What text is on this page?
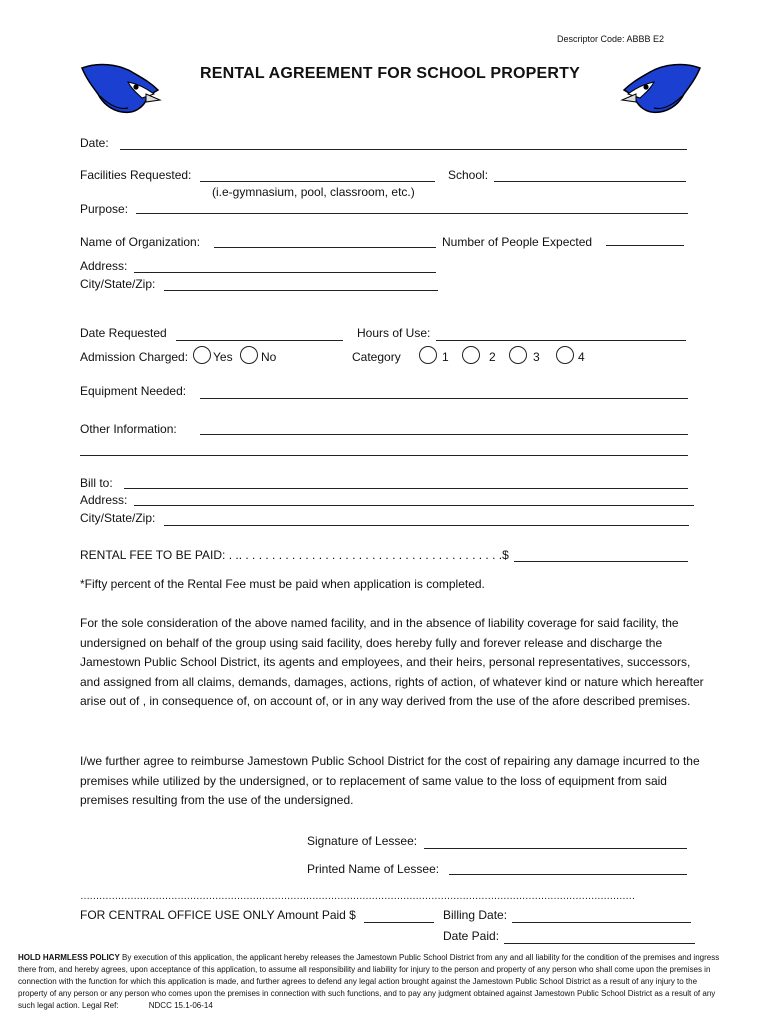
Descriptor Code: ABBB E2
RENTAL AGREEMENT FOR SCHOOL PROPERTY
Date:
Facilities Requested:
(i.e-gymnasium, pool, classroom, etc.)
School:
Purpose:
Name of Organization:	Number of People Expected
Address:
City/State/Zip:
Date Requested	Hours of Use:
Admission Charged: Yes No	Category	1	2	3	4
Equipment Needed:
Other Information:
Bill to:
Address:
City/State/Zip:
RENTAL FEE TO BE PAID: . .. . . . . . . . . . . . . . . . . . . . . . . . . . . . . . . . . . . . . . . .$
*Fifty percent of the Rental Fee must be paid when application is completed.
For the sole consideration of the above named facility, and in the absence of liability coverage for said facility, the undersigned on behalf of the group using said facility, does hereby fully and forever release and discharge the Jamestown Public School District, its agents and employees, and their heirs, personal representatives, successors, and assigned from all claims, demands, damages, actions, rights of action, of whatever kind or nature which hereafter arise out of , in consequence of, on account of, or in any way derived from the use of the afore described premises.
I/we further agree to reimburse Jamestown Public School District for the cost of repairing any damage incurred to the premises while utilized by the undersigned, or to replacement of same value to the loss of equipment from said premises resulting from the use of the undersigned.
Signature of Lessee:
Printed Name of Lessee:
……………………………………………………………………………………………………………………………………………………………
FOR CENTRAL OFFICE USE ONLY Amount Paid $	Billing Date:
Date Paid:
HOLD HARMLESS POLICY By execution of this application, the applicant hereby releases the Jamestown Public School District from any and all liability for the condition of the premises and ingress there from, and hereby agrees, upon acceptance of this application, to assume all responsibility and liability for injury to the person and property of any person who shall come upon the premises in connection with the function for which this application is made, and further agrees to defend any legal action brought against the Jamestown Public School District as a result of any injury to the property of any person or any person who comes upon the premises in connection with such functions, and to pay any judgment obtained against Jamestown Public School District as a result of any such legal action. Legal Ref:	NDCC 15.1-06-14
